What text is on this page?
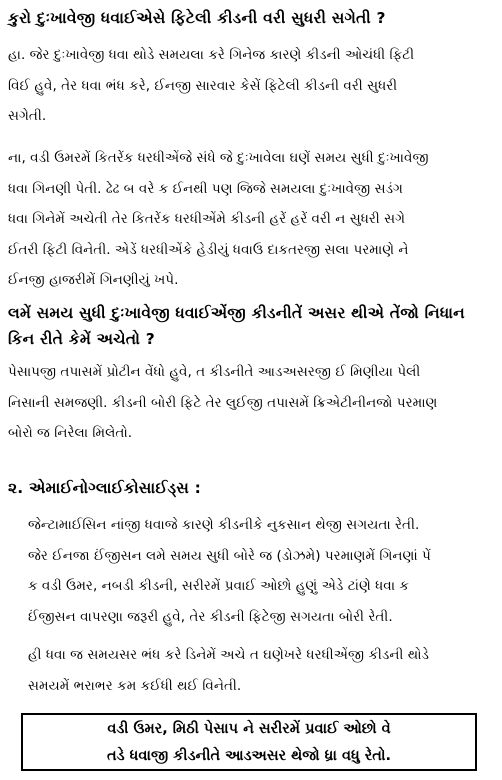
કુરો દુઃખાવેજી ધવાઈએસે ફિટેલી કીડની વરી સુધરી સગેતી ?
હા. જેર દુઃખાવેજી ધવા થોડે સમયલા કરે ગિનેજ કારણે કીડની ઓચંધી ફિટી
વિઈ હુવે, તેર ધવા ભંધ કરે, ઈનજી સારવાર કેસેં ફિટેલી કીડની વરી સુધરી
સગેતી.
ના, વડી ઉમરમેં કિતરેંક ધરધીએંજે સંધે જે દુઃખાવેલા ઘણેં સમય સુધી દુઃખાવેજી
ધવા ગિનણી પેતી. ઢેઢ બ વરે ક ઈનથી પણ જિજે સમયલા દુઃખાવેજી સડંગ
ધવા ગિનેમેં અચેતી તેર કિતરેંક ધરધીએંમે કીડની હરેં હરેં વરી ન સુધરી સગે
ઈતરી ફિટી વિનેતી. એડેં ધરધીએંકે હેડીયું ધવાઉ દાકતરજી સલા પરમાણે ને
ઈનજી હાજરીમેં ગિનણીયું ખપે.
લમેં સમય સુધી દુઃખાવેજી ધવાઈએંજી કીડનીતેં અસર થીએ તેંજો નિધાન
કિન રીતે કેમેં અચેતો ?
પેસાપજી તપાસમેં પ્રોટીન વેંધો હુવે, ત કીડનીતે આડઅસરજી ઈ મિણીયા પેલી
નિસાની સમજણી. કીડની બોરી ફિટે તેર લુઈજી તપાસમેં ક્રિએટીનીનજો પરમાણ
બોરો જ નિરેલા મિલેતો.
૨. એમાઈનોગ્લાઈકોસાઈડ્સ :
જેન્ટામાઈસિન નાંજી ધવાજે કારણે કીડનીકે નુકસાન થેજી સગયતા રેતી.
જેર ઈનજા ઈંજીસન લમે સમય સુધી બોરે જ (ડોઝમે) પરમાણમેં ગિનણાં પેં
ક વડી ઉમર, નબડી કીડની, સરીરમેં પ્રવાઈ ઓછો હુણું એડે ટાંણે ધવા ક
ઈંજીસન વાપરણા જરૂરી હુવે, તેર કીડની ફિટેજી સગયતા બોરી રેતી.
હી ધવા જ સમયસર ભંધ કરે ડિનેમેં અચે ત ઘણેખરે ધરધીએંજી કીડની થોડે
સમયમેં ભરાભર કમ કઈધી થઈ વિનેતી.
વડી ઉમર, મિઠી પેસાપ ને સરીરમેં પ્રવાઈ ઓછો વે
તડે ધવાજી કીડનીતે આડઅસર થેજો ધ્રા વધુ રેતો.
